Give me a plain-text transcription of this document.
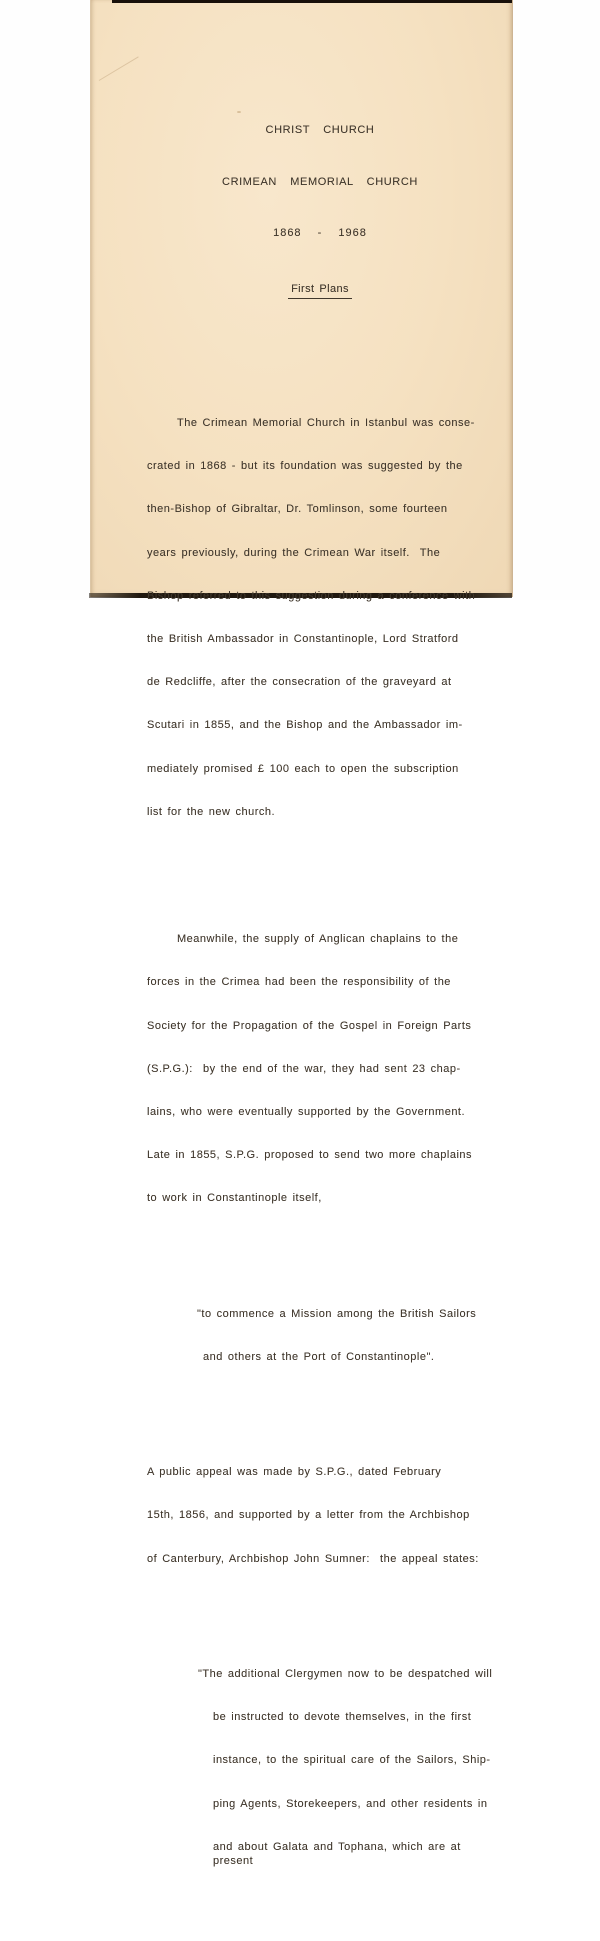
CHRIST  CHURCH

CRIMEAN  MEMORIAL  CHURCH

1868  -  1968

First Plans

The Crimean Memorial Church in Istanbul was conse-

crated in 1868 - but its foundation was suggested by the

then-Bishop of Gibraltar, Dr. Tomlinson, some fourteen

years previously, during the Crimean War itself.  The

Bishop referred to this suggestion during a conference with

the British Ambassador in Constantinople, Lord Stratford

de Redcliffe, after the consecration of the graveyard at

Scutari in 1855, and the Bishop and the Ambassador im-

mediately promised £ 100 each to open the subscription

list for the new church.

Meanwhile, the supply of Anglican chaplains to the

forces in the Crimea had been the responsibility of the

Society for the Propagation of the Gospel in Foreign Parts

(S.P.G.):  by the end of the war, they had sent 23 chap-

lains, who were eventually supported by the Government.

Late in 1855, S.P.G. proposed to send two more chaplains

to work in Constantinople itself,

"to commence a Mission among the British Sailors

and others at the Port of Constantinople".

A public appeal was made by S.P.G., dated February

15th, 1856, and supported by a letter from the Archbishop

of Canterbury, Archbishop John Sumner:  the appeal states:

"The additional Clergymen now to be despatched will

be instructed to devote themselves, in the first

instance, to the spiritual care of the Sailors, Ship-

ping Agents, Storekeepers, and other residents in

and about Galata and Tophana, which are at present
